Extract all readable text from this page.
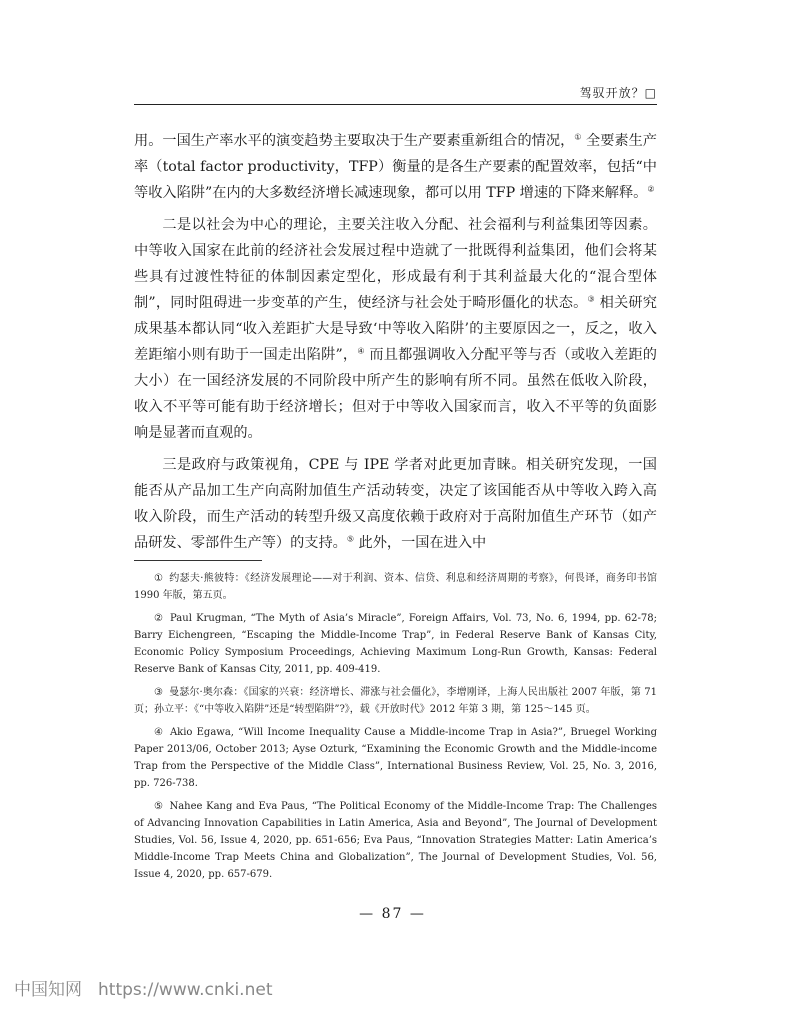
驾驭开放？□

用。一国生产率水平的演变趋势主要取决于生产要素重新组合的情况，① 全要素生产率（total factor productivity，TFP）衡量的是各生产要素的配置效率，包括“中等收入陷阱”在内的大多数经济增长减速现象，都可以用 TFP 增速的下降来解释。②

二是以社会为中心的理论，主要关注收入分配、社会福利与利益集团等因素。中等收入国家在此前的经济社会发展过程中造就了一批既得利益集团，他们会将某些具有过渡性特征的体制因素定型化，形成最有利于其利益最大化的“混合型体制”，同时阻碍进一步变革的产生，使经济与社会处于畸形僵化的状态。③ 相关研究成果基本都认同“收入差距扩大是导致‘中等收入陷阱’的主要原因之一，反之，收入差距缩小则有助于一国走出陷阱”，④ 而且都强调收入分配平等与否（或收入差距的大小）在一国经济发展的不同阶段中所产生的影响有所不同。虽然在低收入阶段，收入不平等可能有助于经济增长；但对于中等收入国家而言，收入不平等的负面影响是显著而直观的。

三是政府与政策视角，CPE 与 IPE 学者对此更加青睐。相关研究发现，一国能否从产品加工生产向高附加值生产活动转变，决定了该国能否从中等收入跨入高收入阶段，而生产活动的转型升级又高度依赖于政府对于高附加值生产环节（如产品研发、零部件生产等）的支持。⑤ 此外，一国在进入中

① 约瑟夫·熊彼特：《经济发展理论——对于利润、资本、信贷、利息和经济周期的考察》，何畏译，商务印书馆 1990 年版，第五页。

② Paul Krugman, “The Myth of Asia’s Miracle”, Foreign Affairs, Vol. 73, No. 6, 1994, pp. 62-78; Barry Eichengreen, “Escaping the Middle-Income Trap”, in Federal Reserve Bank of Kansas City, Economic Policy Symposium Proceedings, Achieving Maximum Long-Run Growth, Kansas: Federal Reserve Bank of Kansas City, 2011, pp. 409-419.

③ 曼瑟尔·奥尔森：《国家的兴衰：经济增长、滞涨与社会僵化》，李增刚译，上海人民出版社 2007 年版，第 71 页；孙立平：《“中等收入陷阱”还是“转型陷阱”?》，载《开放时代》2012 年第 3 期，第 125～145 页。

④ Akio Egawa, “Will Income Inequality Cause a Middle-income Trap in Asia?”, Bruegel Working Paper 2013/06, October 2013; Ayse Ozturk, “Examining the Economic Growth and the Middle-income Trap from the Perspective of the Middle Class”, International Business Review, Vol. 25, No. 3, 2016, pp. 726-738.

⑤ Nahee Kang and Eva Paus, “The Political Economy of the Middle-Income Trap: The Challenges of Advancing Innovation Capabilities in Latin America, Asia and Beyond”, The Journal of Development Studies, Vol. 56, Issue 4, 2020, pp. 651-656; Eva Paus, “Innovation Strategies Matter: Latin America’s Middle-Income Trap Meets China and Globalization”, The Journal of Development Studies, Vol. 56, Issue 4, 2020, pp. 657-679.

— 87 —
中国知网 https://www.cnki.net
